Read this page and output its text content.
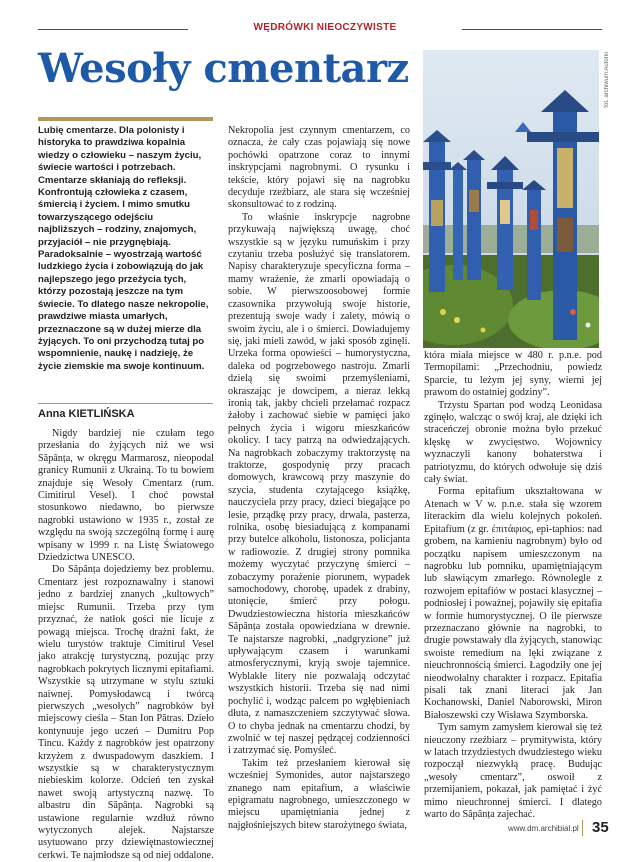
WĘDRÓWKI NIEOCZYWISTE
Wesoły cmentarz	fot. archiwum Autorki

Lubię cmentarze. Dla polonisty i historyka to prawdziwa kopalnia wiedzy o człowieku – naszym życiu, świecie wartości i potrzebach. Cmentarze skłaniają do refleksji. Konfrontują człowieka z czasem, śmiercią i życiem. I mimo smutku towarzyszącego odejściu najbliższych – rodziny, znajomych, przyjaciół – nie przygnębiają. Paradoksalnie – wyostrzają wartość ludzkiego życia i zobowiązują do jak najlepszego jego przeżycia tych, którzy pozostają jeszcze na tym świecie. To dlatego nasze nekropolie, prawdziwe miasta umarłych, przeznaczone są w dużej mierze dla żyjących. To oni przychodzą tutaj po wspomnienie, naukę i nadzieję, że życie ziemskie ma swoje kontinuum.

Anna KIETLIŃSKA

Nigdy bardziej nie czułam tego przesłania do żyjących niż we wsi Săpânța, w okręgu Marmarosz, nieopodal granicy Rumunii z Ukrainą. To tu bowiem znajduje się Wesoły Cmentarz (rum. Cimitirul Vesel). I choć powstał stosunkowo niedawno, bo pierwsze nagrobki ustawiono w 1935 r., został ze względu na swoją szczególną formę i aurę wpisany w 1999 r. na Listę Światowego Dziedzictwa UNESCO.

Do Săpânța dojedziemy bez problemu. Cmentarz jest rozpoznawalny i stanowi jedno z bardziej znanych „kultowych” miejsc Rumunii. Trzeba przy tym przyznać, że natłok gości nie licuje z powagą miejsca. Trochę drażni fakt, że wielu turystów traktuje Cimitirul Vesel jako atrakcję turystyczną, pozując przy nagrobkach pokrytych licznymi epitafiami. Wszystkie są utrzymane w stylu sztuki naiwnej. Pomysłodawcą i twórcą pierwszych „wesołych” nagrobków był miejscowy cieśla – Stan Ion Pătras. Dzieło kontynuuje jego uczeń – Dumitru Pop Tincu. Każdy z nagrobków jest opatrzony krzyżem z dwuspadowym daszkiem. I wszystkie są w charakterystycznym niebieskim kolorze. Odcień ten zyskał nawet swoją artystyczną nazwę. To albastru din Săpânța. Nagrobki są ustawione regularnie wzdłuż równo wytyczonych alejek. Najstarsze usytuowano przy dziewiętnastowiecznej cerkwi. Te najmłodsze są od niej oddalone.

Nekropolia jest czynnym cmentarzem, co oznacza, że cały czas pojawiają się nowe pochówki opatrzone coraz to innymi inskrypcjami nagrobnymi. O rysunku i tekście, który pojawi się na nagrobku decyduje rzeźbiarz, ale stara się wcześniej skonsultować to z rodziną.

To właśnie inskrypcje nagrobne przykuwają największą uwagę, choć wszystkie są w języku rumuńskim i przy czytaniu trzeba posłużyć się translatorem. Napisy charakteryzuje specyficzna forma – mamy wrażenie, że zmarli opowiadają o sobie. W pierwszoosobowej formie czasownika przywołują swoje historie, prezentują swoje wady i zalety, mówią o swoim życiu, ale i o śmierci. Dowiadujemy się, jaki mieli zawód, w jaki sposób zginęli. Urzeka forma opowieści – humorystyczna, daleka od pogrzebowego nastroju. Zmarli dzielą się swoimi przemyśleniami, okraszając je dowcipem, a nieraz lekką ironią tak, jakby chcieli przełamać rozpacz żałoby i zachować siebie w pamięci jako pełnych życia i wigoru mieszkańców okolicy. I tacy patrzą na odwiedzających. Na nagrobkach zobaczymy traktorzystę na traktorze, gospodynię przy pracach domowych, krawcową przy maszynie do szycia, studenta czytającego książkę, nauczyciela przy pracy, dzieci biegające po lesie, prządkę przy pracy, drwala, pasterza, rolnika, osobę biesiadującą z kompanami przy butelce alkoholu, listonosza, policjanta w radiowozie. Z drugiej strony pomnika możemy wyczytać przyczynę śmierci – zobaczymy porażenie piorunem, wypadek samochodowy, chorobę, upadek z drabiny, utonięcie, śmierć przy połogu. Dwudziestowieczna historia mieszkańców Săpânța została opowiedziana w drewnie. Te najstarsze nagrobki, „nadgryzione” już upływającym czasem i warunkami atmosferycznymi, kryją swoje tajemnice. Wyblakłe litery nie pozwalają odczytać wszystkich historii. Trzeba się nad nimi pochylić i, wodząc palcem po wgłębieniach dłuta, z namaszczeniem szczytywać słowa. O to chyba jednak na cmentarzu chodzi, by zwolnić w tej naszej pędzącej codzienności i zatrzymać się. Pomyśleć.

Takim też przesłaniem kierował się wcześniej Symonides, autor najstarszego znanego nam epitafium, a właściwie epigramatu nagrobnego, umieszczonego w miejscu upamiętniania jednej z najgłośniejszych bitew starożytnego świata,

która miała miejsce w 480 r. p.n.e. pod Termopilami: „Przechodniu, powiedz Sparcie, tu leżym jej syny, wierni jej prawom do ostatniej godziny”.

Trzystu Spartan pod wodzą Leonidasa zginęło, walcząc o swój kraj, ale dzięki ich straceńczej obronie można było przekuć klęskę w zwycięstwo. Wojownicy wyznaczyli kanony bohaterstwa i patriotyzmu, do których odwołuje się dziś cały świat.

Forma epitafium ukształtowana w Atenach w V w. p.n.e. stała się wzorem literackim dla wielu kolejnych pokoleń. Epitafium (z gr. ἐπιτάφιος, epi-taphios: nad grobem, na kamieniu nagrobnym) było od początku napisem umieszczonym na nagrobku lub pomniku, upamiętniającym lub sławiącym zmarłego. Równolegle z rozwojem epitafiów w postaci klasycznej – podniosłej i poważnej, pojawiły się epitafia w formie humorystycznej. O ile pierwsze przeznaczano głównie na nagrobki, to drugie powstawały dla żyjących, stanowiąc swoiste remedium na lęki związane z nieuchronnością śmierci. Łagodziły one jej nieodwołalny charakter i rozpacz. Epitafia pisali tak znani literaci jak Jan Kochanowski, Daniel Naborowski, Miron Białoszewski czy Wisława Szymborska.

Tym samym zamysłem kierował się też nieuczony rzeźbiarz – prymitywista, który w latach trzydziestych dwudziestego wieku rozpoczął niezwykłą pracę. Budując „wesoły cmentarz”, oswoił z przemijaniem, pokazał, jak pamiętać i żyć mimo nieuchronnej śmierci. I dlatego warto do Săpânța zajechać.

www.dm.archibial.pl 35
